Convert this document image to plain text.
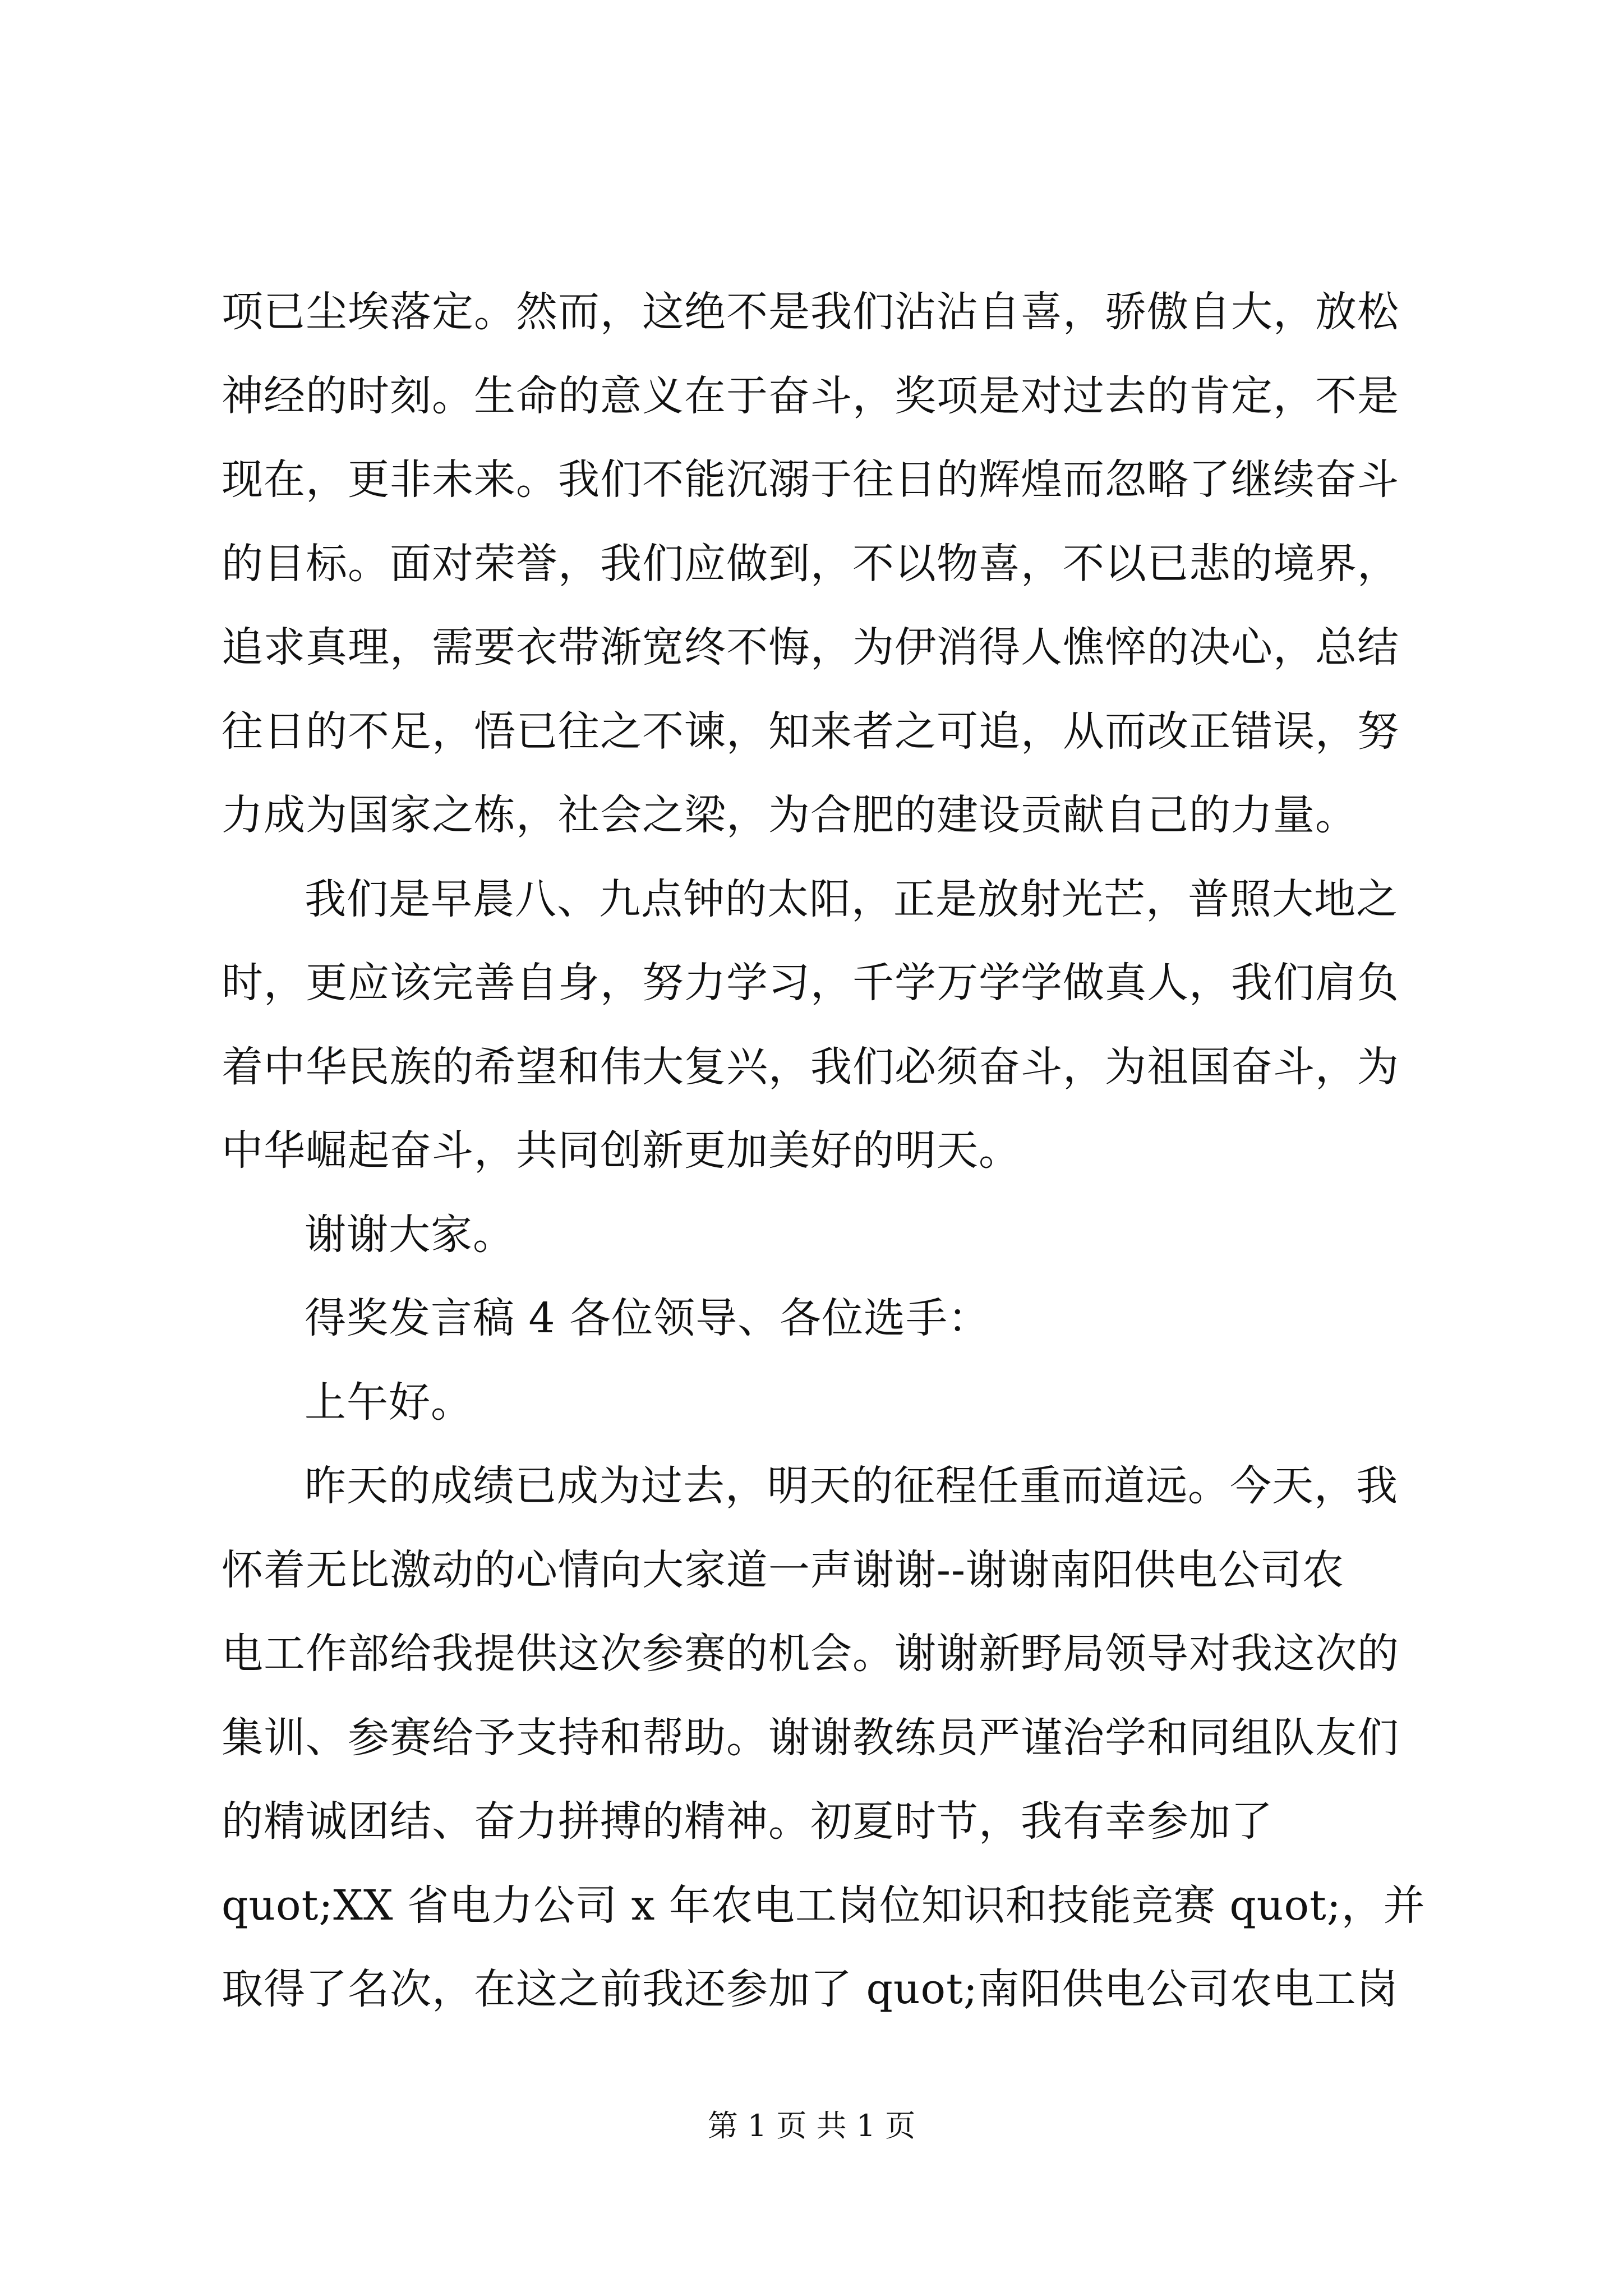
项已尘埃落定。然而，这绝不是我们沾沾自喜，骄傲自大，放松
神经的时刻。生命的意义在于奋斗，奖项是对过去的肯定，不是
现在，更非未来。我们不能沉溺于往日的辉煌而忽略了继续奋斗
的目标。面对荣誉，我们应做到，不以物喜，不以已悲的境界，
追求真理，需要衣带渐宽终不悔，为伊消得人憔悴的决心，总结
往日的不足，悟已往之不谏，知来者之可追，从而改正错误，努
力成为国家之栋，社会之梁，为合肥的建设贡献自己的力量。
我们是早晨八、九点钟的太阳，正是放射光芒，普照大地之
时，更应该完善自身，努力学习，千学万学学做真人，我们肩负
着中华民族的希望和伟大复兴，我们必须奋斗，为祖国奋斗，为
中华崛起奋斗，共同创新更加美好的明天。
谢谢大家。
得奖发言稿 4 各位领导、各位选手：
上午好。
昨天的成绩已成为过去，明天的征程任重而道远。今天，我
怀着无比激动的心情向大家道一声谢谢--谢谢南阳供电公司农
电工作部给我提供这次参赛的机会。谢谢新野局领导对我这次的
集训、参赛给予支持和帮助。谢谢教练员严谨治学和同组队友们
的精诚团结、奋力拼搏的精神。初夏时节，我有幸参加了
quot;XX 省电力公司 x 年农电工岗位知识和技能竞赛 quot;，并
取得了名次，在这之前我还参加了 quot;南阳供电公司农电工岗
第 1 页 共 1 页
